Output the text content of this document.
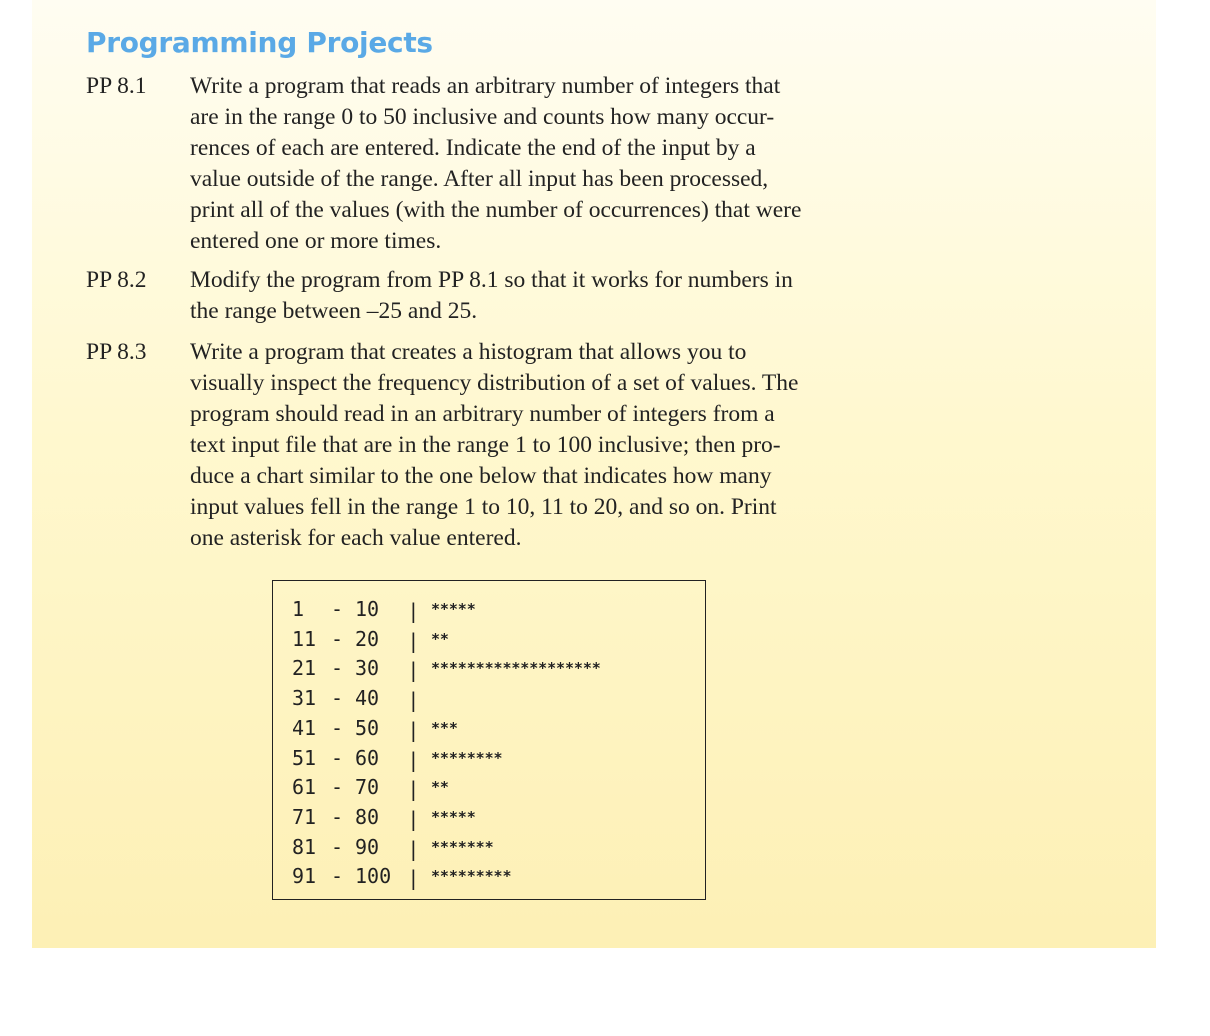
Programming Projects
PP 8.1 Write a program that reads an arbitrary number of integers that
are in the range 0 to 50 inclusive and counts how many occur-
rences of each are entered. Indicate the end of the input by a
value outside of the range. After all input has been processed,
print all of the values (with the number of occurrences) that were
entered one or more times.
PP 8.2 Modify the program from PP 8.1 so that it works for numbers in
the range between –25 and 25.
PP 8.3 Write a program that creates a histogram that allows you to
visually inspect the frequency distribution of a set of values. The
program should read in an arbitrary number of integers from a
text input file that are in the range 1 to 100 inclusive; then pro-
duce a chart similar to the one below that indicates how many
input values fell in the range 1 to 10, 11 to 20, and so on. Print
one asterisk for each value entered.
1 - 10 | *****
11 - 20 | **
21 - 30 | *******************
31 - 40 |
41 - 50 | ***
51 - 60 | ********
61 - 70 | **
71 - 80 | *****
81 - 90 | *******
91 - 100 | *********
